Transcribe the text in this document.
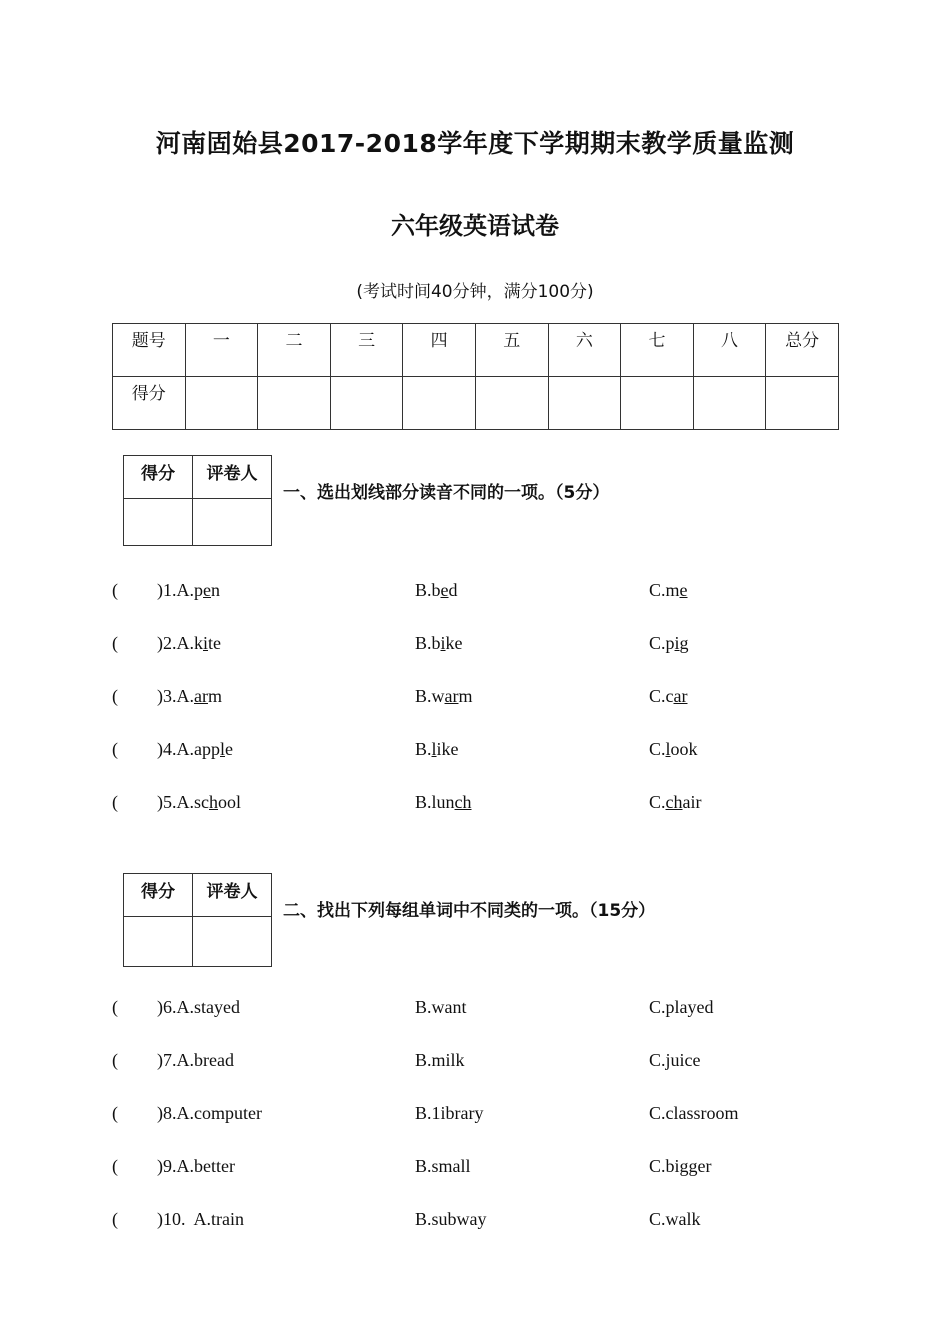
河南固始县2017-2018学年度下学期期末教学质量监测
六年级英语试卷
(考试时间40分钟，满分100分)
题号	一	二	三	四	五	六	七	八	总分
得分									
得分	评卷人

一、选出划线部分读音不同的一项。（5分）
( )1.A.pen	B.bed	C.me
( )2.A.kite	B.bike	C.pig
( )3.A.arm	B.warm	C.car
( )4.A.apple	B.like	C.look
( )5.A.school	B.lunch	C.chair
得分	评卷人

二、找出下列每组单词中不同类的一项。（15分）
( )6.A.stayed	B.want	C.played
( )7.A.bread	B.milk	C.juice
( )8.A.computer	B.1ibrary	C.classroom
( )9.A.better	B.small	C.bigger
( )10.  A.train	B.subway	C.walk
